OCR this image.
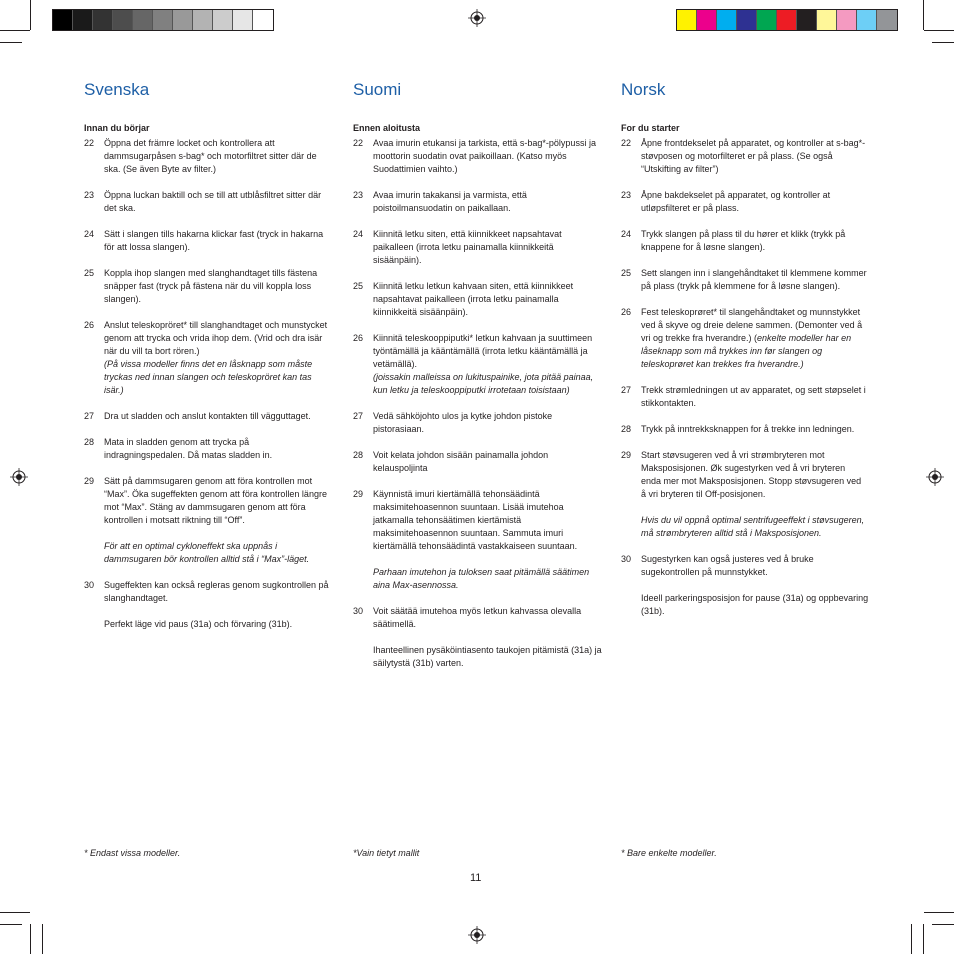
Svenska
Innan du börjar
22	Öppna det främre locket och kontrollera att dammsugarpåsen s-bag* och motorfiltret sitter där de ska. (Se även Byte av filter.)
23	Öppna luckan baktill och se till att utblåsfiltret sitter där det ska.
24	Sätt i slangen tills hakarna klickar fast (tryck in hakarna för att lossa slangen).
25	Koppla ihop slangen med slanghandtaget tills fästena snäpper fast (tryck på fästena när du vill koppla loss slangen).
26	Anslut teleskopröret* till slanghandtaget och munstycket genom att trycka och vrida ihop dem. (Vrid och dra isär när du vill ta bort rören.)
(På vissa modeller finns det en låsknapp som måste tryckas ned innan slangen och teleskopröret kan tas isär.)
27	Dra ut sladden och anslut kontakten till vägguttaget.
28	Mata in sladden genom att trycka på indragningspedalen. Då matas sladden in.
29	Sätt på dammsugaren genom att föra kontrollen mot “Max”. Öka sugeffekten genom att föra kontrollen längre mot “Max”. Stäng av dammsugaren genom att föra kontrollen i motsatt riktning till “Off”.
För att en optimal cykloneffekt ska uppnås i dammsugaren bör kontrollen alltid stå i “Max”-läget.
30	Sugeffekten kan också regleras genom sugkontrollen på slanghandtaget.
Perfekt läge vid paus (31a) och förvaring (31b).
Suomi
Ennen aloitusta
22	Avaa imurin etukansi ja tarkista, että s-bag*-pölypussi ja moottorin suodatin ovat paikoillaan. (Katso myös Suodattimien vaihto.)
23	Avaa imurin takakansi ja varmista, että poistoilmansuodatin on paikallaan.
24	Kiinnitä letku siten, että kiinnikkeet napsahtavat paikalleen (irrota letku painamalla kiinnikkeitä sisäänpäin).
25	Kiinnitä letku letkun kahvaan siten, että kiinnikkeet napsahtavat paikalleen (irrota letku painamalla kiinnikkeitä sisäänpäin).
26	Kiinnitä teleskooppiputki* letkun kahvaan ja suuttimeen työntämällä ja kääntämällä (irrota letku kääntämällä ja vetämällä).
(joissakin malleissa on lukituspainike, jota pitää painaa, kun letku ja teleskooppiputki irrotetaan toisistaan)
27	Vedä sähköjohto ulos ja kytke johdon pistoke pistorasiaan.
28	Voit kelata johdon sisään painamalla johdon kelauspoljinta
29	Käynnistä imuri kiertämällä tehonsäädintä maksimitehoasennon suuntaan. Lisää imutehoa jatkamalla tehonsäätimen kiertämistä maksimitehoasennon suuntaan. Sammuta imuri kiertämällä tehonsäädintä vastakkaiseen suuntaan.
Parhaan imutehon ja tuloksen saat pitämällä säätimen aina Max-asennossa.
30	Voit säätää imutehoa myös letkun kahvassa olevalla säätimellä.
Ihanteellinen pysäköintiasento taukojen pitämistä (31a) ja säilytystä (31b) varten.
Norsk
For du starter
22	Åpne frontdekselet på apparatet, og kontroller at s-bag*-støvposen og motorfilteret er på plass. (Se også “Utskifting av filter”)
23	Åpne bakdekselet på apparatet, og kontroller at utløpsfilteret er på plass.
24	Trykk slangen på plass til du hører et klikk (trykk på knappene for å løsne slangen).
25	Sett slangen inn i slangehåndtaket til klemmene kommer på plass (trykk på klemmene for å løsne slangen).
26	Fest teleskoprøret* til slangehåndtaket og munnstykket ved å skyve og dreie delene sammen. (Demonter ved å vri og trekke fra hverandre.) (enkelte modeller har en låseknapp som må trykkes inn før slangen og teleskoprøret kan trekkes fra hverandre.)
27	Trekk strømledningen ut av apparatet, og sett støpselet i stikkontakten.
28	Trykk på inntrekksknappen for å trekke inn ledningen.
29	Start støvsugeren ved å vri strømbryteren mot Maksposisjonen. Øk sugestyrken ved å vri bryteren enda mer mot Maksposisjonen. Stopp støvsugeren ved å vri bryteren til Off-posisjonen.
Hvis du vil oppnå optimal sentrifugeeffekt i støvsugeren, må strømbryteren alltid stå i Maksposisjonen.
30	Sugestyrken kan også justeres ved å bruke sugekontrollen på munnstykket.
Ideell parkeringsposisjon for pause (31a) og oppbevaring (31b).
* Endast vissa modeller.	*Vain tietyt mallit	* Bare enkelte modeller.
11
